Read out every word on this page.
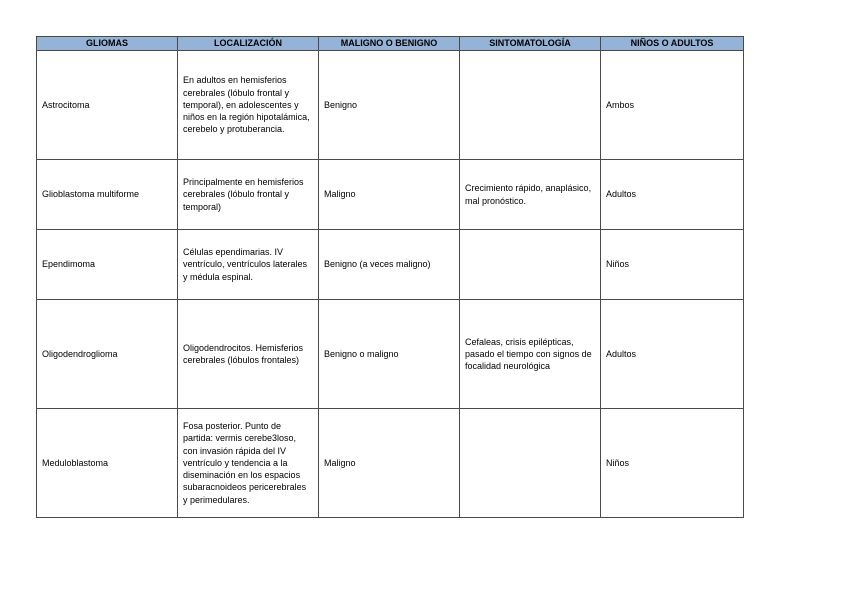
GLIOMAS	LOCALIZACIÓN	MALIGNO O BENIGNO	SINTOMATOLOGÍA	NIÑOS O ADULTOS
Astrocitoma	En adultos en hemisferios cerebrales (lóbulo frontal y temporal), en adolescentes y niños en la región hipotalámica, cerebelo y protuberancia.	Benigno		Ambos
Glioblastoma multiforme	Principalmente en hemisferios cerebrales (lóbulo frontal y temporal)	Maligno	Crecimiento rápido, anaplásico, mal pronóstico.	Adultos
Ependimoma	Células ependimarias. IV ventrículo, ventrículos laterales y médula espinal.	Benigno (a veces maligno)		Niños
Oligodendroglioma	Oligodendrocitos. Hemisferios cerebrales (lóbulos frontales)	Benigno o maligno	Cefaleas, crisis epilépticas, pasado el tiempo con signos de focalidad neurológica	Adultos
Meduloblastoma	Fosa posterior. Punto de partida: vermis cerebe3loso, con invasión rápida del IV ventrículo y tendencia a la diseminación en los espacios subaracnoideos pericerebrales y perimedulares.	Maligno		Niños
